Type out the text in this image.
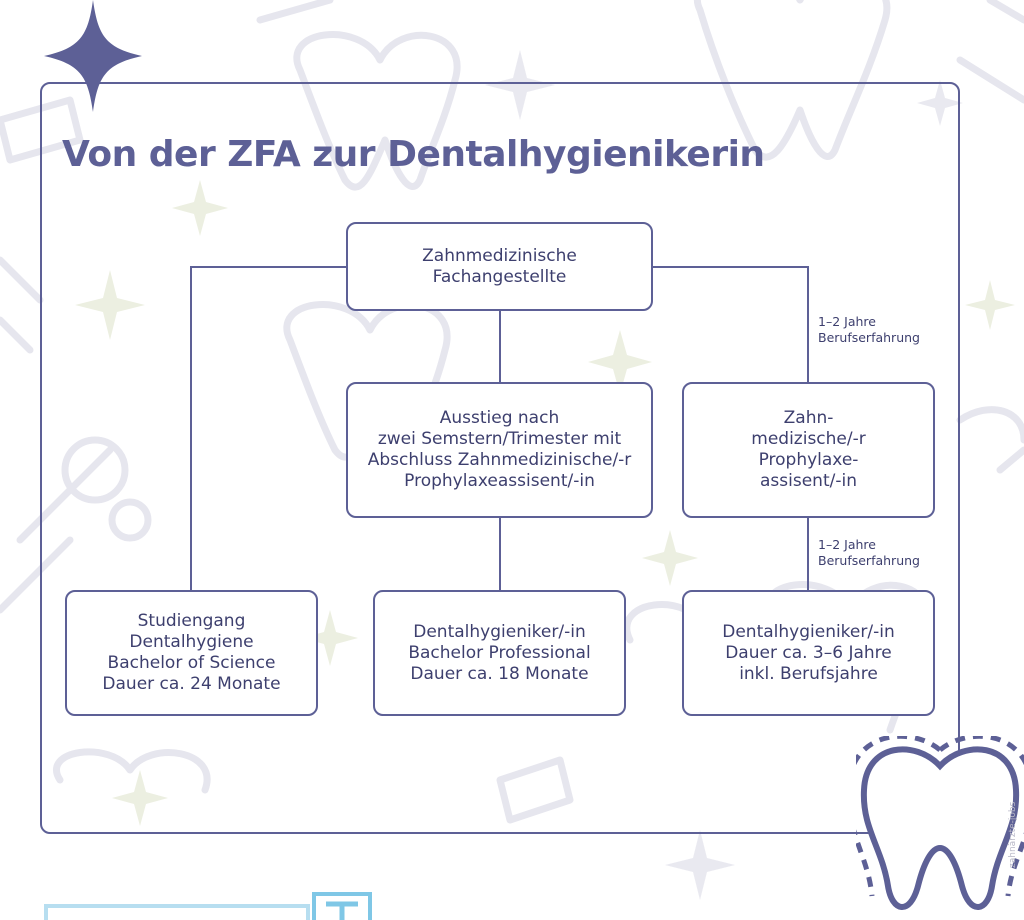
Von der ZFA zur Dentalhygienikerin
Zahnmedizinische
Fachangestellte
Ausstieg nach
zwei Semstern/Trimester mit
Abschluss Zahnmedizinische/-r
Prophylaxeassisent/-in
Zahn-
medizische/-r
Prophylaxe-
assisent/-in
Studiengang
Dentalhygiene
Bachelor of Science
Dauer ca. 24 Monate
Dentalhygieniker/-in
Bachelor Professional
Dauer ca. 18 Monate
Dentalhygieniker/-in
Dauer ca. 3–6 Jahre
inkl. Berufsjahre
1–2 Jahre
Berufserfahrung
1–2 Jahre
Berufserfahrung
zahnärzte-jobs
